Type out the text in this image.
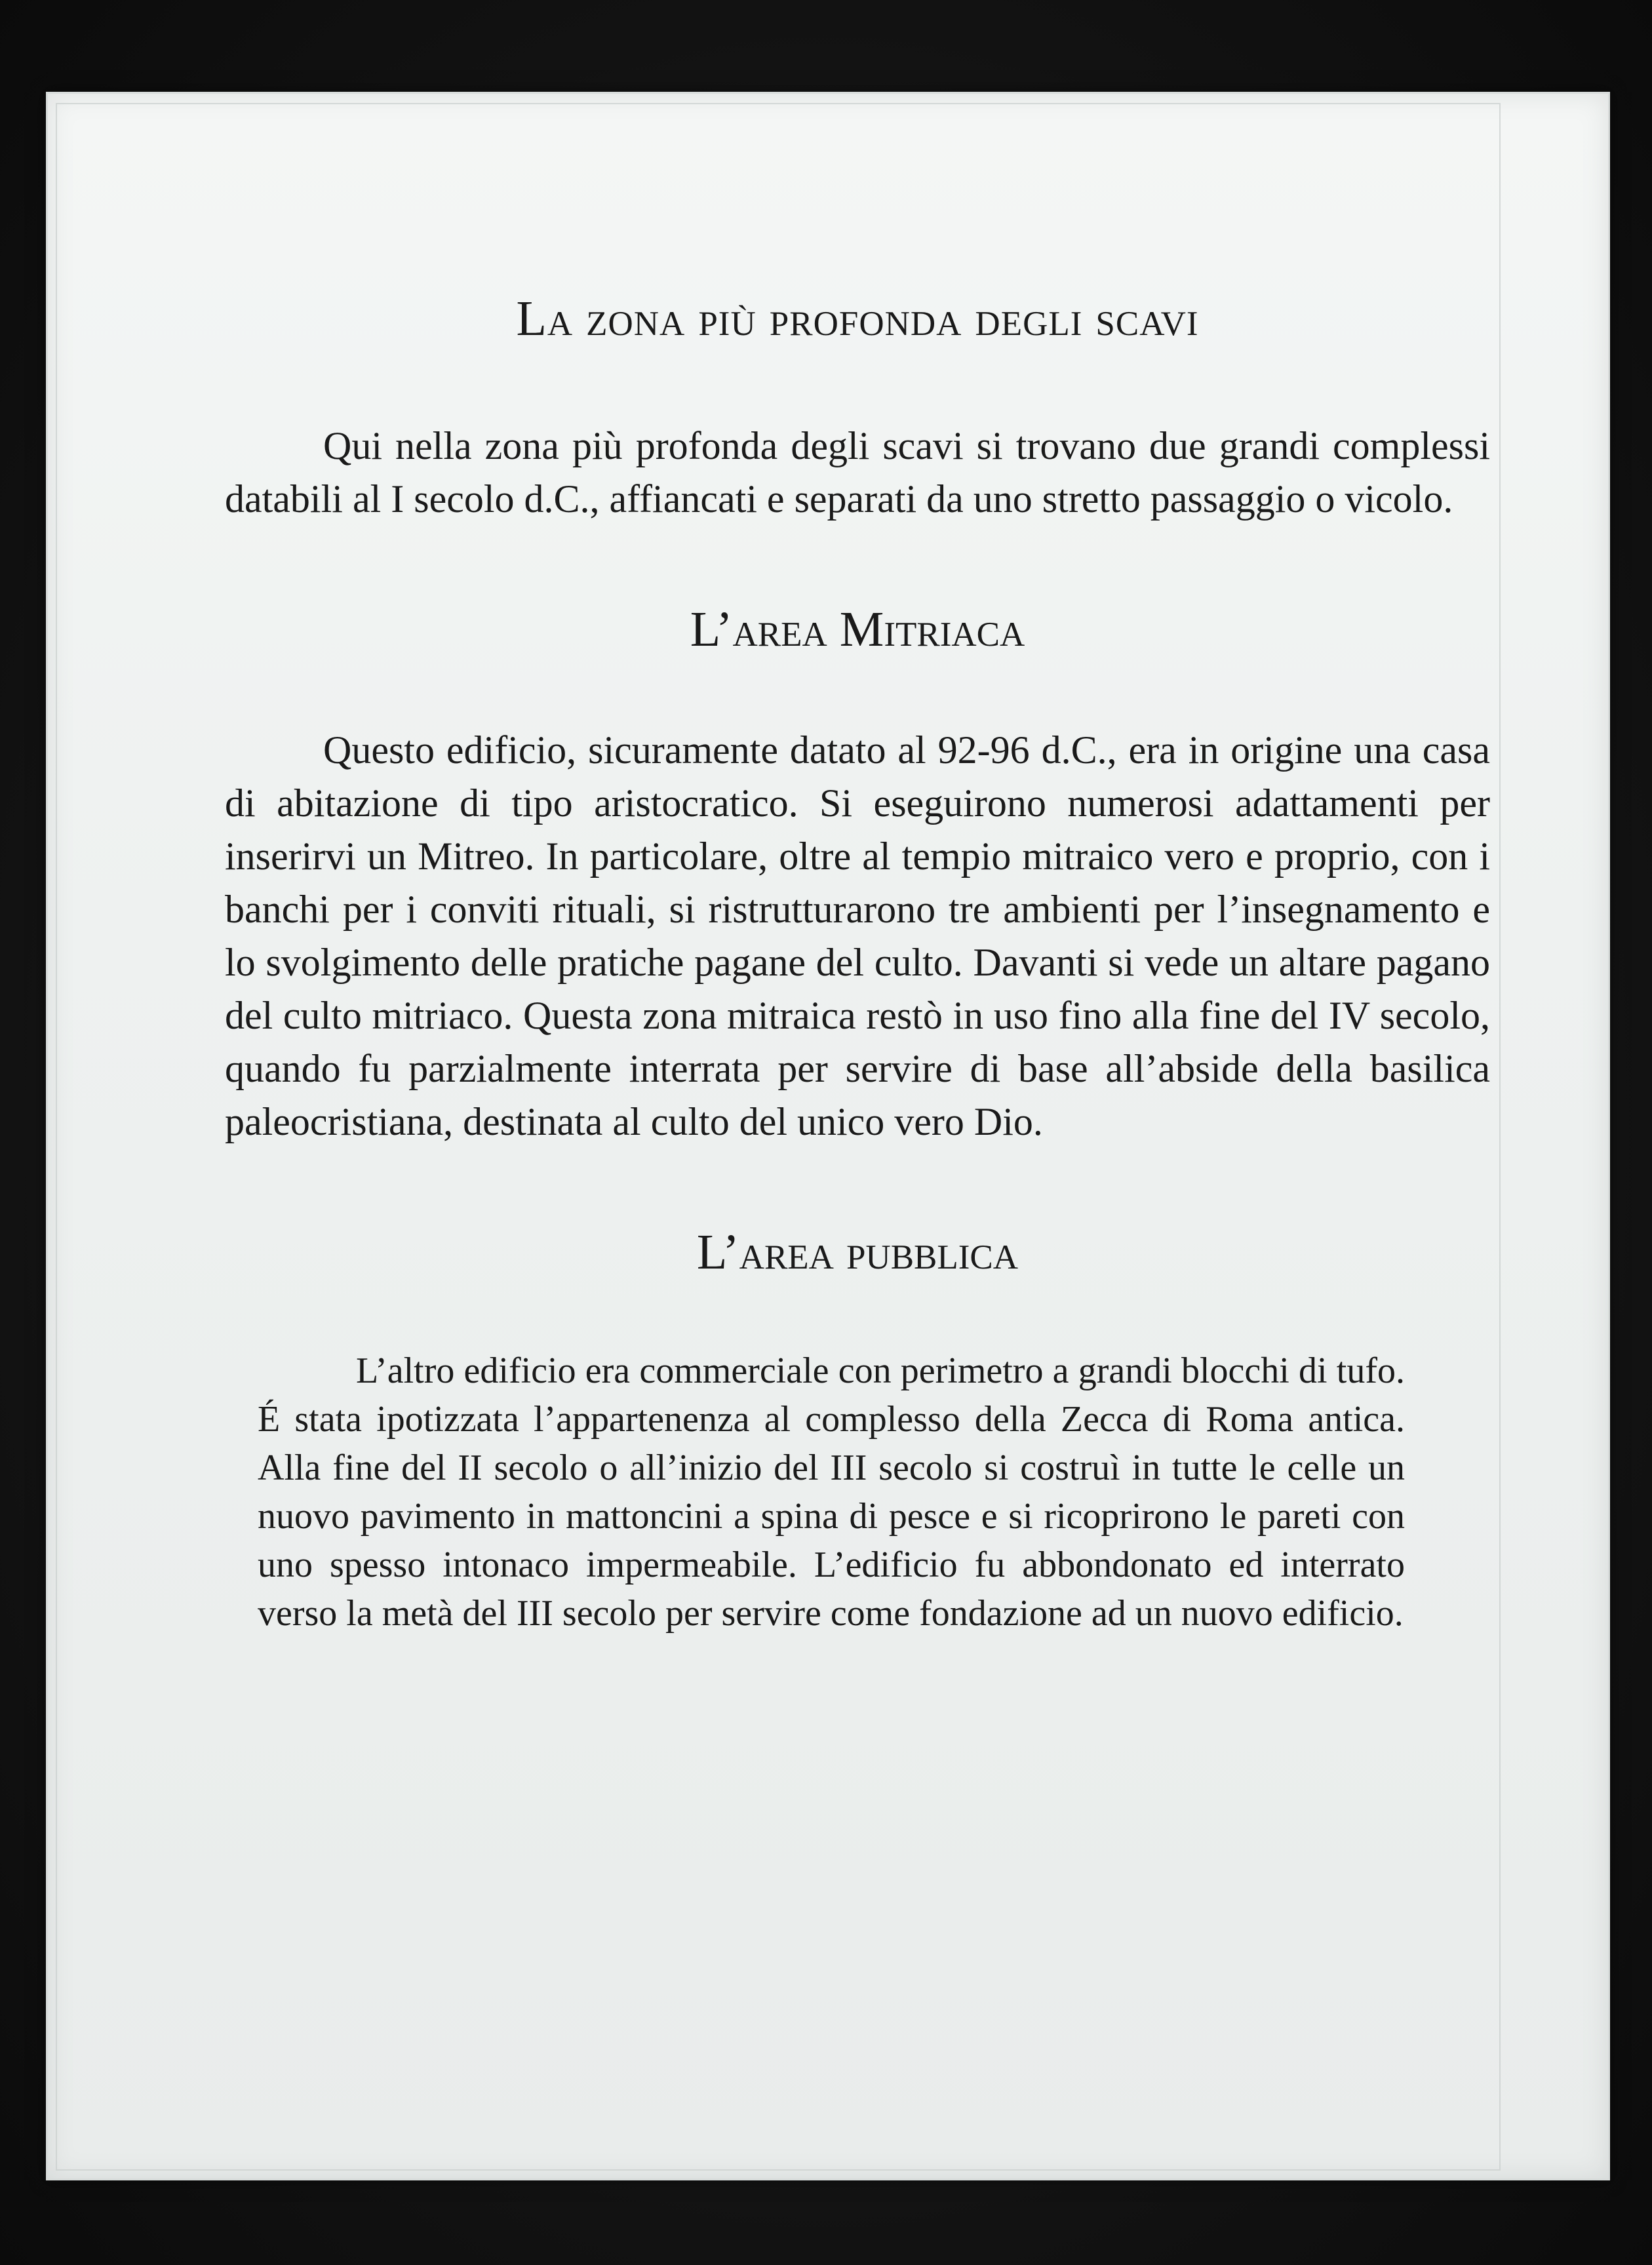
La zona più profonda degli scavi

Qui nella zona più profonda degli scavi si trovano due grandi complessi databili al I secolo d.C., affiancati e separati da uno stretto passaggio o vicolo.

L’area Mitriaca

Questo edificio, sicuramente datato al 92-96 d.C., era in origine una casa di abitazione di tipo aristocratico. Si eseguirono numerosi adattamenti per inserirvi un Mitreo. In particolare, oltre al tempio mitraico vero e proprio, con i banchi per i conviti rituali, si ristrutturarono tre ambienti per l’insegnamento e lo svolgimento delle pratiche pagane del culto. Davanti si vede un altare pagano del culto mitriaco. Questa zona mitraica restò in uso fino alla fine del IV secolo, quando fu parzialmente interrata per servire di base all’abside della basilica paleocristiana, destinata al culto del unico vero Dio.

L’area pubblica

L’altro edificio era commerciale con perimetro a grandi blocchi di tufo. É stata ipotizzata l’appartenenza al complesso della Zecca di Roma antica. Alla fine del II secolo o all’inizio del III secolo si costruì in tutte le celle un nuovo pavimento in mattoncini a spina di pesce e si ricoprirono le pareti con uno spesso intonaco impermeabile. L’edificio fu abbondonato ed interrato verso la metà del III secolo per servire come fondazione ad un nuovo edificio.
